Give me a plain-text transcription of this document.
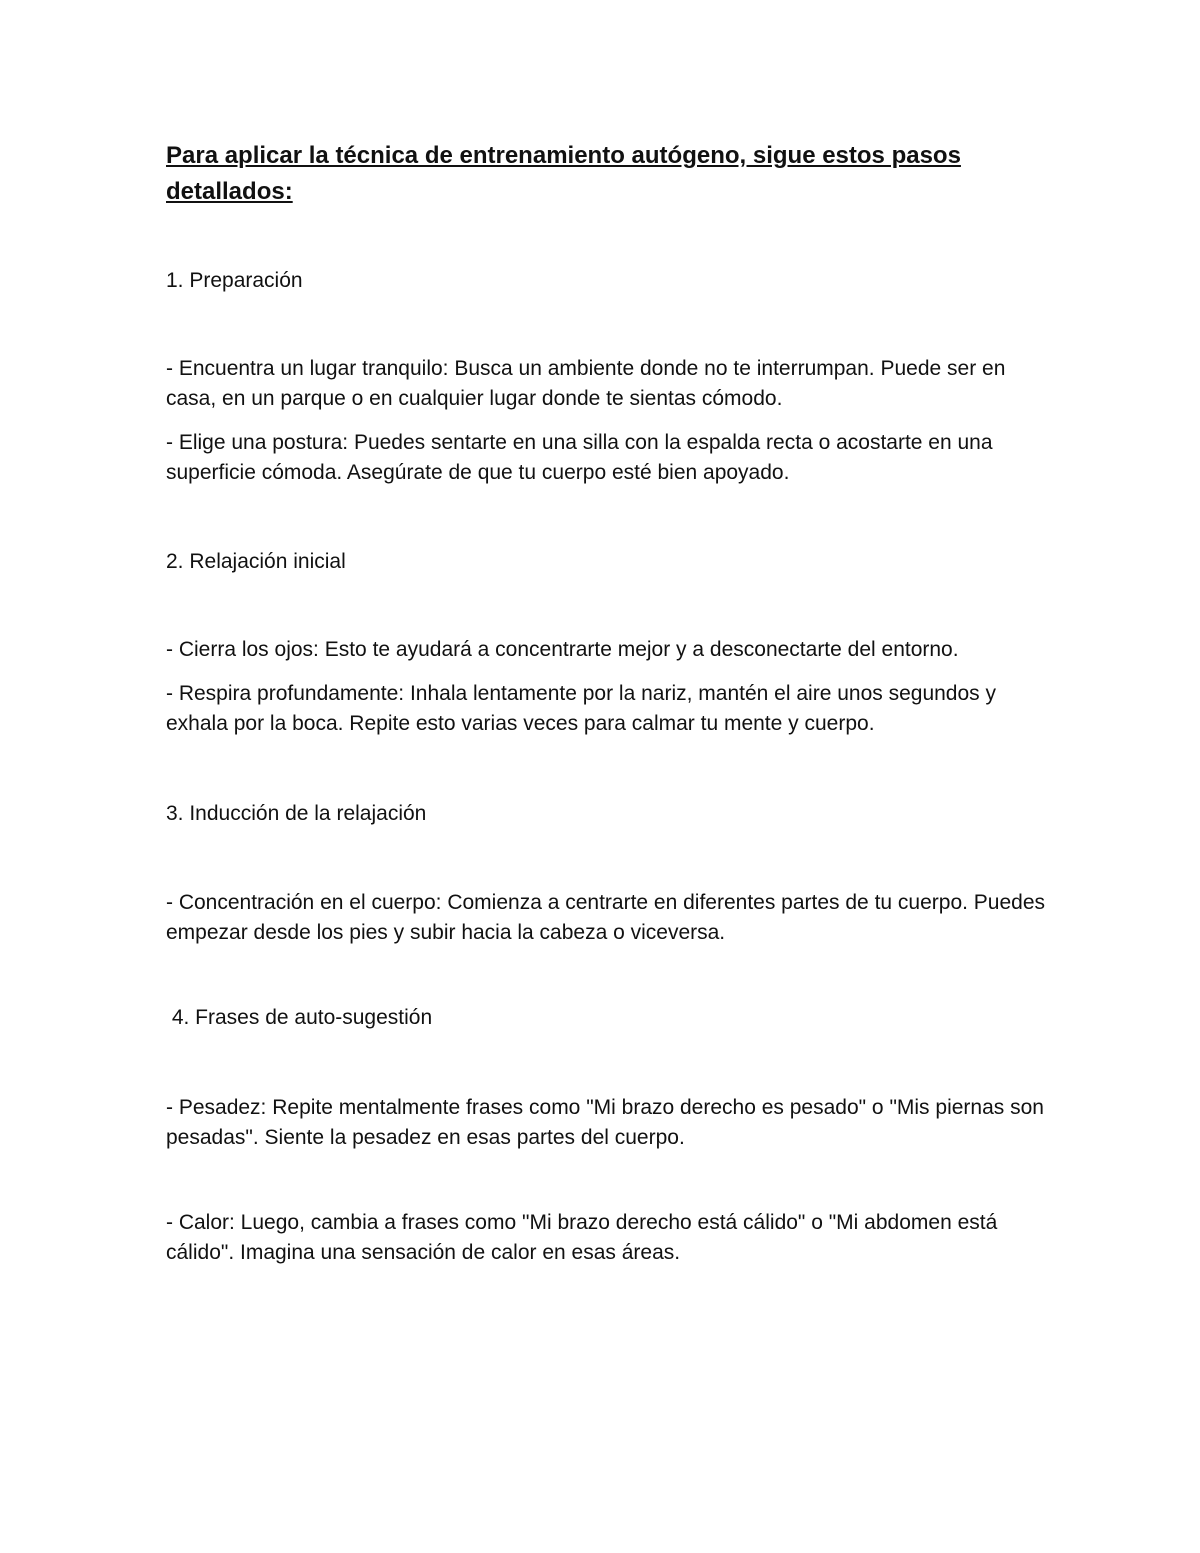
Para aplicar la técnica de entrenamiento autógeno, sigue estos pasos detallados:

1. Preparación

- Encuentra un lugar tranquilo: Busca un ambiente donde no te interrumpan. Puede ser en casa, en un parque o en cualquier lugar donde te sientas cómodo.

- Elige una postura: Puedes sentarte en una silla con la espalda recta o acostarte en una superficie cómoda. Asegúrate de que tu cuerpo esté bien apoyado.

2. Relajación inicial

- Cierra los ojos: Esto te ayudará a concentrarte mejor y a desconectarte del entorno.

- Respira profundamente: Inhala lentamente por la nariz, mantén el aire unos segundos y exhala por la boca. Repite esto varias veces para calmar tu mente y cuerpo.

3. Inducción de la relajación

- Concentración en el cuerpo: Comienza a centrarte en diferentes partes de tu cuerpo. Puedes empezar desde los pies y subir hacia la cabeza o viceversa.

4. Frases de auto-sugestión

- Pesadez: Repite mentalmente frases como "Mi brazo derecho es pesado" o "Mis piernas son pesadas". Siente la pesadez en esas partes del cuerpo.

- Calor: Luego, cambia a frases como "Mi brazo derecho está cálido" o "Mi abdomen está cálido". Imagina una sensación de calor en esas áreas.
